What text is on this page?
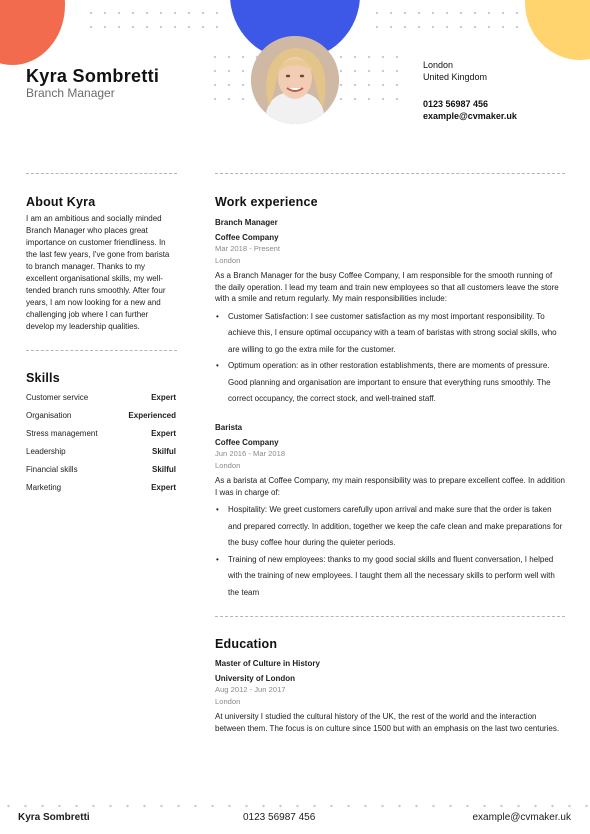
Kyra Sombretti
Branch Manager
London
United Kingdom
0123 56987 456
example@cvmaker.uk
About Kyra
I am an ambitious and socially minded Branch Manager who places great importance on customer friendliness. In the last few years, I've gone from barista to branch manager. Thanks to my excellent organisational skills, my well-tended branch runs smoothly. After four years, I am now looking for a new and challenging job where I can further develop my leadership qualities.
Skills
Customer service	Expert
Organisation	Experienced
Stress management	Expert
Leadership	Skilful
Financial skills	Skilful
Marketing	Expert
Work experience
Branch Manager
Coffee Company
Mar 2018 - Present
London
As a Branch Manager for the busy Coffee Company, I am responsible for the smooth running of the daily operation. I lead my team and train new employees so that all customers leave the store with a smile and return regularly. My main responsibilities include:
• Customer Satisfaction: I see customer satisfaction as my most important responsibility. To achieve this, I ensure optimal occupancy with a team of baristas with strong social skills, who are willing to go the extra mile for the customer.
• Optimum operation: as in other restoration establishments, there are moments of pressure. Good planning and organisation are important to ensure that everything runs smoothly. The correct occupancy, the correct stock, and well-trained staff.
Barista
Coffee Company
Jun 2016 - Mar 2018
London
As a barista at Coffee Company, my main responsibility was to prepare excellent coffee. In addition I was in charge of:
• Hospitality: We greet customers carefully upon arrival and make sure that the order is taken and prepared correctly. In addition, together we keep the cafe clean and make preparations for the busy coffee hour during the quieter periods.
• Training of new employees: thanks to my good social skills and fluent conversation, I helped with the training of new employees. I taught them all the necessary skills to perform well with the team
Education
Master of Culture in History
University of London
Aug 2012 - Jun 2017
London
At university I studied the cultural history of the UK, the rest of the world and the interaction between them. The focus is on culture since 1500 but with an emphasis on the last two centuries.
Kyra Sombretti	0123 56987 456	example@cvmaker.uk
